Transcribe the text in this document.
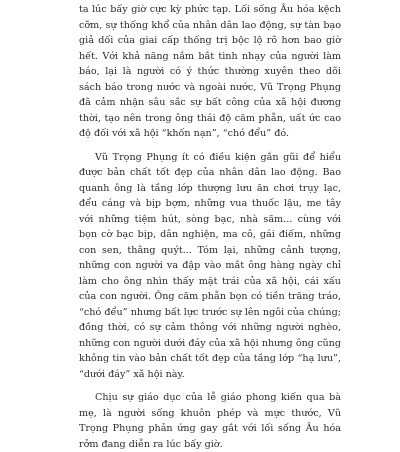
ta lúc bấy giờ cực kỳ phức tạp. Lối sống Âu hóa kệch cỡm, sự thống khổ của nhân dân lao động, sự tàn bạo giả dối của giai cấp thống trị bộc lộ rõ hơn bao giờ hết. Với khả năng nắm bắt tinh nhạy của người làm báo, lại là người có ý thức thường xuyên theo dõi sách báo trong nước và ngoài nước, Vũ Trọng Phụng đã cảm nhận sâu sắc sự bất công của xã hội đương thời, tạo nên trong ông thái độ căm phẫn, uất ức cao độ đối với xã hội “khốn nạn”, “chó đểu” đó.

Vũ Trọng Phụng ít có điều kiện gắn gũi để hiểu được bản chất tốt đẹp của nhân dân lao động. Bao quanh ông là tầng lớp thượng lưu ăn chơi trụy lạc, đểu cáng và bịp bợm, những vua thuốc lậu, me tây với những tiệm hút, sòng bạc, nhà săm... cùng với bọn cờ bạc bịp, dân nghiện, ma cô, gái điếm, những con sen, thằng quýt... Tóm lại, những cảnh tượng, những con người va đập vào mắt ông hàng ngày chỉ làm cho ông nhìn thấy mặt trái của xã hội, cái xấu của con người. Ông căm phẫn bọn có tiền trăng tráo, “chó đểu” nhưng bất lực trước sự lên ngôi của chúng; đồng thời, có sự cảm thông với những người nghèo, những con người dưới đáy của xã hội nhưng ông cũng không tin vào bản chất tốt đẹp của tầng lớp “hạ lưu”, “dưới đáy” xã hội này.

Chịu sự giáo dục của lễ giáo phong kiến qua bà mẹ, là người sống khuôn phép và mực thước, Vũ Trọng Phụng phản ứng gay gắt với lối sống Âu hóa rởm đang diễn ra lúc bấy giờ.
